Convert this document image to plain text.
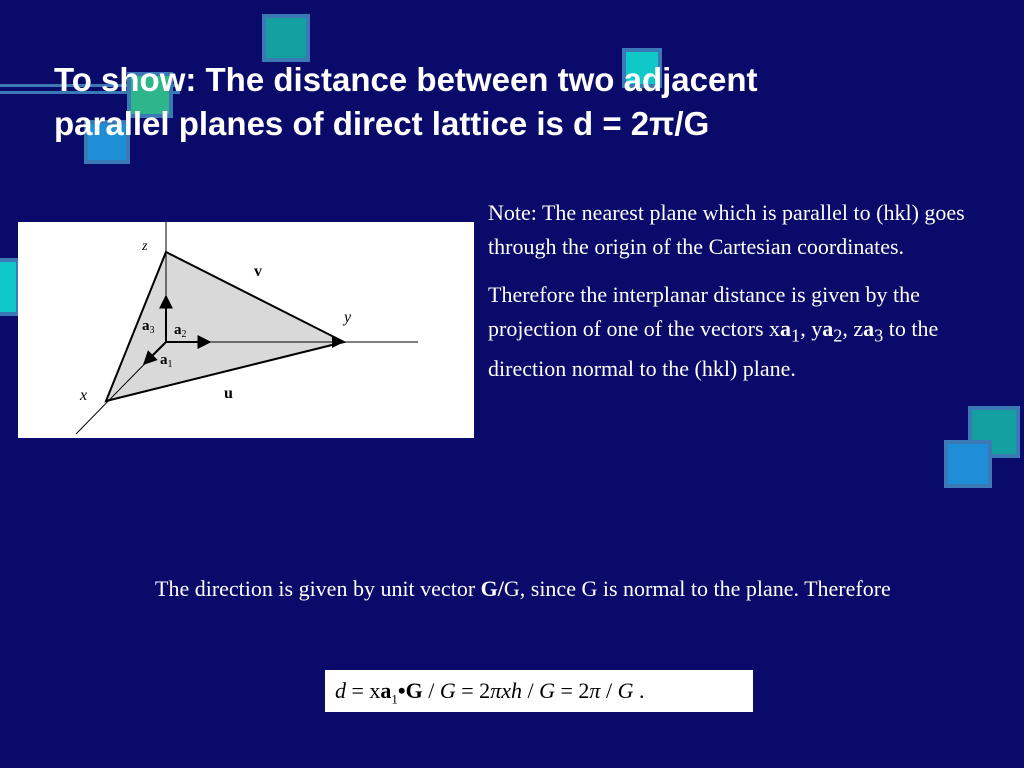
To show: The distance between two adjacent
parallel planes of direct lattice is d = 2π/G
z
y
x
v
u
$a_3$ $a_2$
$a_1$

Note: The nearest plane which is parallel to (hkl) goes through the origin of the Cartesian coordinates.

Therefore the interplanar distance is given by the projection of one of the vectors $xa_1$, $ya_2$, $za_3$ to the direction normal to the (hkl) plane.

The direction is given by unit vector G/G, since G is normal to the plane. Therefore

$d = xa_1•G / G = 2\pi xh / G = 2\pi / G$ .
